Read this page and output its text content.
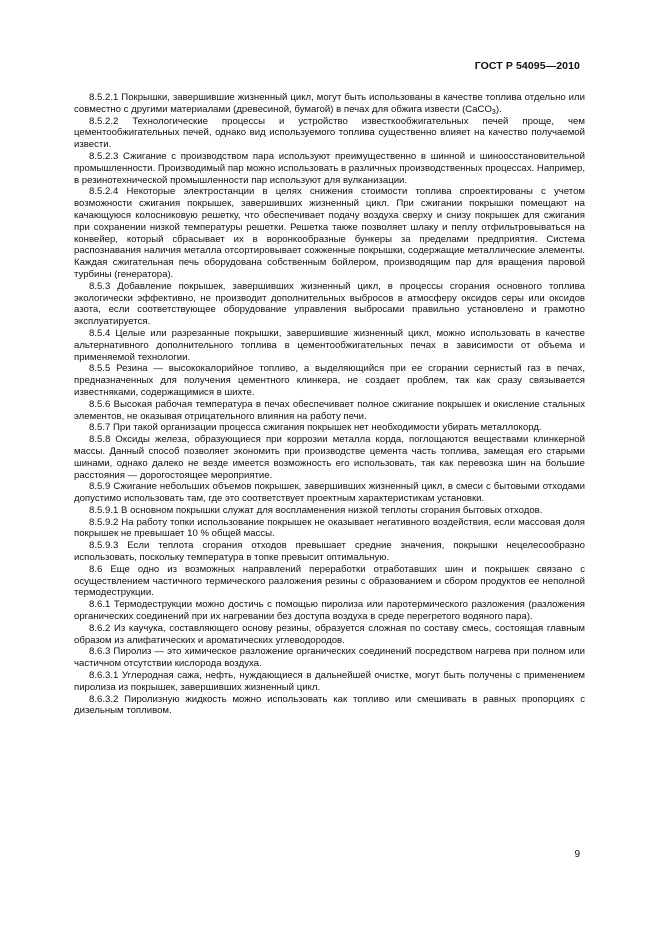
ГОСТ Р 54095—2010

8.5.2.1 Покрышки, завершившие жизненный цикл, могут быть использованы в качестве топлива отдельно или совместно с другими материалами (древесиной, бумагой) в печах для обжига извести (CaCO$_3$).

8.5.2.2 Технологические процессы и устройство известкообжигательных печей проще, чем цементообжигательных печей, однако вид используемого топлива существенно влияет на качество получаемой извести.

8.5.2.3 Сжигание с производством пара используют преимущественно в шинной и шиноосстановительной промышленности. Производимый пар можно использовать в различных производственных процессах. Например, в резинотехнической промышленности пар используют для вулканизации.

8.5.2.4 Некоторые электростанции в целях снижения стоимости топлива спроектированы с учетом возможности сжигания покрышек, завершивших жизненный цикл. При сжигании покрышки помещают на качающуюся колосниковую решетку, что обеспечивает подачу воздуха сверху и снизу покрышек для сжигания при сохранении низкой температуры решетки. Решетка также позволяет шлаку и пеплу отфильтровываться на конвейер, который сбрасывает их в воронкообразные бункеры за пределами предприятия. Система распознавания наличия металла отсортировывает сожженные покрышки, содержащие металлические элементы. Каждая сжигательная печь оборудована собственным бойлером, производящим пар для вращения паровой турбины (генератора).

8.5.3 Добавление покрышек, завершивших жизненный цикл, в процессы сгорания основного топлива экологически эффективно, не производит дополнительных выбросов в атмосферу оксидов серы или оксидов азота, если соответствующее оборудование управления выбросами правильно установлено и грамотно эксплуатируется.

8.5.4 Целые или разрезанные покрышки, завершившие жизненный цикл, можно использовать в качестве альтернативного дополнительного топлива в цементообжигательных печах в зависимости от объема и применяемой технологии.

8.5.5 Резина — высококалорийное топливо, а выделяющийся при ее сгорании сернистый газ в печах, предназначенных для получения цементного клинкера, не создает проблем, так как сразу связывается известняками, содержащимися в шихте.

8.5.6 Высокая рабочая температура в печах обеспечивает полное сжигание покрышек и окисление стальных элементов, не оказывая отрицательного влияния на работу печи.

8.5.7 При такой организации процесса сжигания покрышек нет необходимости убирать металлокорд.

8.5.8 Оксиды железа, образующиеся при коррозии металла корда, поглощаются веществами клинкерной массы. Данный способ позволяет экономить при производстве цемента часть топлива, замещая его старыми шинами, однако далеко не везде имеется возможность его использовать, так как перевозка шин на большие расстояния — дорогостоящее мероприятие.

8.5.9 Сжигание небольших объемов покрышек, завершивших жизненный цикл, в смеси с бытовыми отходами допустимо использовать там, где это соответствует проектным характеристикам установки.

8.5.9.1 В основном покрышки служат для воспламенения низкой теплоты сгорания бытовых отходов.

8.5.9.2 На работу топки использование покрышек не оказывает негативного воздействия, если массовая доля покрышек не превышает 10 % общей массы.

8.5.9.3 Если теплота сгорания отходов превышает средние значения, покрышки нецелесообразно использовать, поскольку температура в топке превысит оптимальную.

8.6 Еще одно из возможных направлений переработки отработавших шин и покрышек связано с осуществлением частичного термического разложения резины с образованием и сбором продуктов ее неполной термодеструкции.

8.6.1 Термодеструкции можно достичь с помощью пиролиза или паротермического разложения (разложения органических соединений при их нагревании без доступа воздуха в среде перегретого водяного пара).

8.6.2 Из каучука, составляющего основу резины, образуется сложная по составу смесь, состоящая главным образом из алифатических и ароматических углеводородов.

8.6.3 Пиролиз — это химическое разложение органических соединений посредством нагрева при полном или частичном отсутствии кислорода воздуха.

8.6.3.1 Углеродная сажа, нефть, нуждающиеся в дальнейшей очистке, могут быть получены с применением пиролиза из покрышек, завершивших жизненный цикл.

8.6.3.2 Пиролизную жидкость можно использовать как топливо или смешивать в равных пропорциях с дизельным топливом.

9
